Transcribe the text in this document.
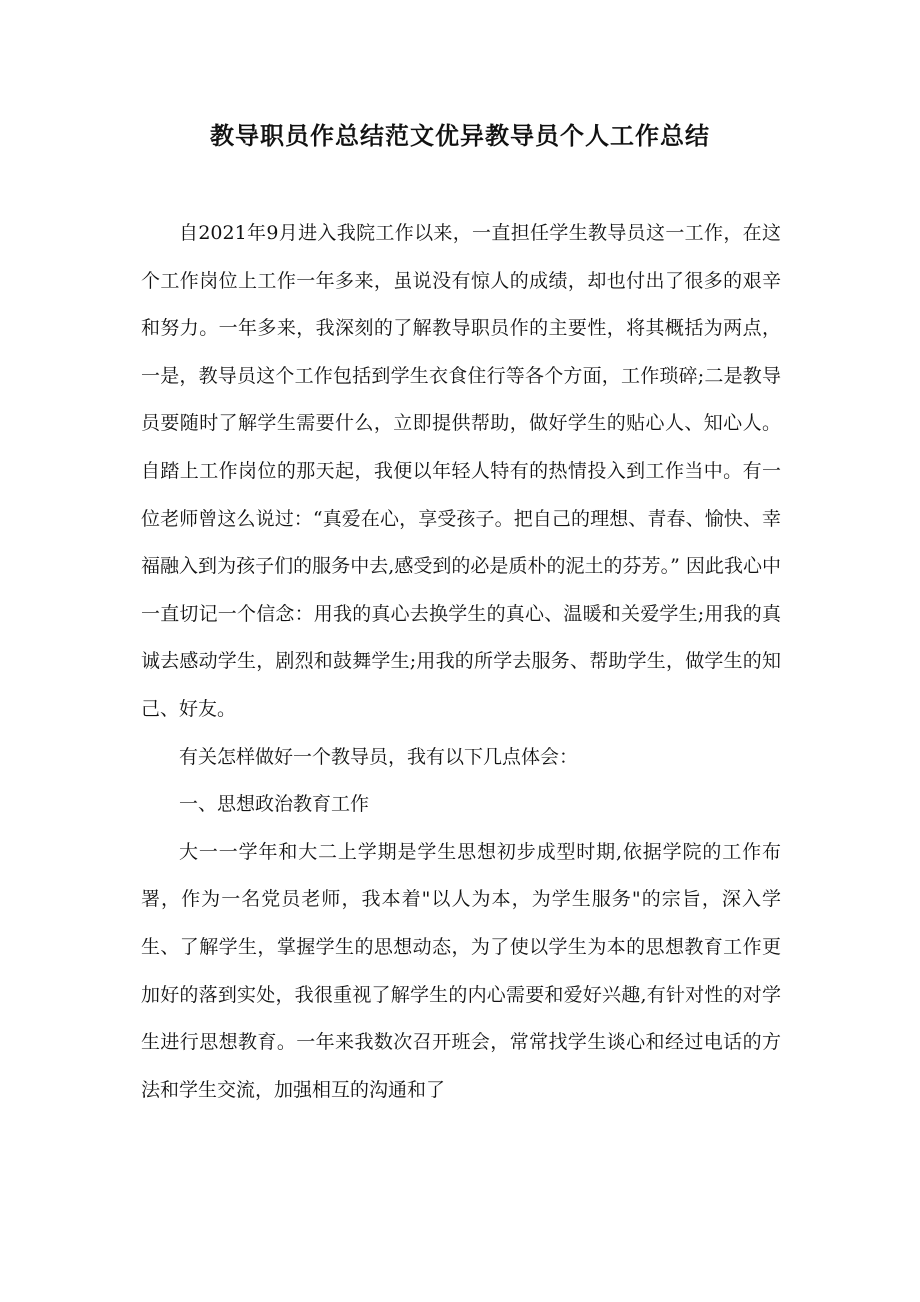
教导职员作总结范文优异教导员个人工作总结

自2021年9月进入我院工作以来，一直担任学生教导员这一工作，在这个工作岗位上工作一年多来，虽说没有惊人的成绩，却也付出了很多的艰辛和努力。一年多来，我深刻的了解教导职员作的主要性，将其概括为两点，一是，教导员这个工作包括到学生衣食住行等各个方面，工作琐碎;二是教导员要随时了解学生需要什么，立即提供帮助，做好学生的贴心人、知心人。自踏上工作岗位的那天起，我便以年轻人特有的热情投入到工作当中。有一位老师曾这么说过：“真爱在心，享受孩子。把自己的理想、青春、愉快、幸福融入到为孩子们的服务中去,感受到的必是质朴的泥土的芬芳。” 因此我心中一直切记一个信念：用我的真心去换学生的真心、温暖和关爱学生;用我的真诚去感动学生，剧烈和鼓舞学生;用我的所学去服务、帮助学生，做学生的知己、好友。

有关怎样做好一个教导员，我有以下几点体会：

一、思想政治教育工作

大一一学年和大二上学期是学生思想初步成型时期,依据学院的工作布署，作为一名党员老师，我本着"以人为本，为学生服务"的宗旨，深入学生、了解学生，掌握学生的思想动态，为了使以学生为本的思想教育工作更加好的落到实处，我很重视了解学生的内心需要和爱好兴趣,有针对性的对学生进行思想教育。一年来我数次召开班会，常常找学生谈心和经过电话的方法和学生交流，加强相互的沟通和了
